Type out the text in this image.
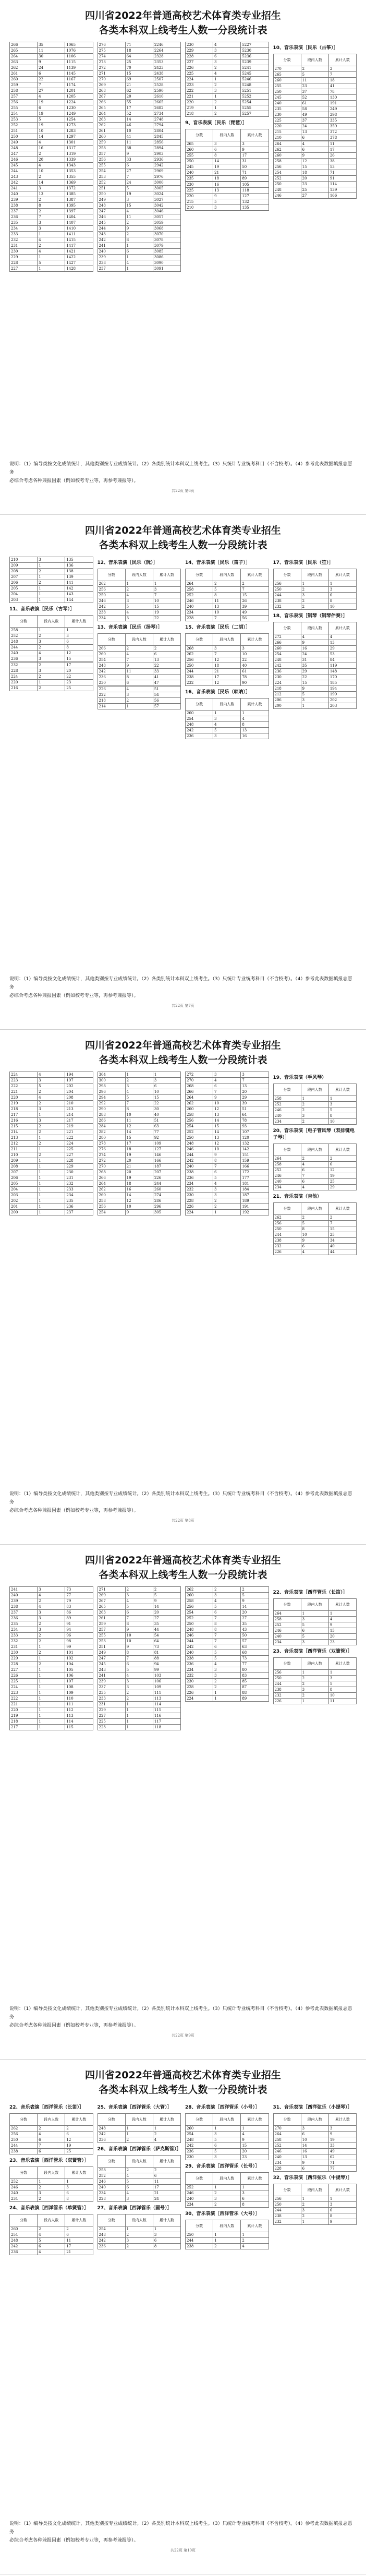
四川省2022年普通高校艺术体育类专业招生
各类本科双上线考生人数一分段统计表
266	35	1065
265	11	1076
264	30	1106
263	9	1115
262	24	1139
261	6	1145
260	22	1167
259	7	1174
258	27	1201
257	4	1205
256	19	1224
255	6	1230
254	19	1249
253	5	1254
252	19	1273
251	10	1283
250	14	1297
249	4	1301
248	16	1317
247	2	1319
246	20	1339
245	4	1343
244	10	1353
243	2	1355
242	14	1369
241	3	1372
240	13	1385
239	2	1387
238	8	1395
237	2	1397
236	7	1404
235	3	1407
234	3	1410
233	1	1411
232	4	1415
231	2	1417
230	4	1421
229	1	1422
228	5	1427
227	1	1428
276	71	2246
275	18	2264
274	64	2328
273	25	2353
272	70	2423
271	15	2438
270	69	2507
269	21	2528
268	62	2590
267	20	2610
266	55	2665
265	17	2682
264	52	2734
263	14	2748
262	46	2794
261	10	2804
260	41	2845
259	11	2856
258	38	2894
257	9	2903
256	33	2936
255	6	2942
254	27	2969
253	7	2976
252	24	3000
251	5	3005
250	19	3024
249	3	3027
248	15	3042
247	4	3046
246	11	3057
245	2	3059
244	9	3068
243	2	3070
242	8	3078
241	1	3079
240	6	3085
239	1	3086
238	4	3090
237	1	3091
230	4	5227
229	3	5230
228	6	5236
227	3	5239
226	2	5241
225	4	5245
224	1	5246
223	2	5248
222	3	5251
221	1	5252
220	2	5254
219	1	5255
218	2	5257
9、音乐表演［民乐（琵琶）］
分数	段内人数	累计人数
265	3	3
260	6	9
255	8	17
250	14	31
245	19	50
240	21	71
235	18	89
230	16	105
225	13	118
220	9	127
215	5	132
210	3	135
10、音乐表演［民乐（古筝）］
分数	段内人数	累计人数
270	2	2
265	5	7
260	11	18
255	23	41
250	37	78
245	52	130
240	61	191
235	58	249
230	49	298
225	37	335
220	24	359
215	13	372
210	6	378
264	4	11
262	6	17
260	9	26
258	12	38
256	15	53
254	18	71
252	20	91
250	23	114
248	25	139
246	27	166
说明：（1）编导类按文化成绩统计，其他类别按专业成绩统计。（2）各类别统计本科双上线考生。（3）只统计专业统考科目（不含校考）。（4）参考此表数据填报志愿务
必综合考虑各种兼报因素（例如校考专业等，再参考兼报等）。
共22页 第6页
四川省2022年普通高校艺术体育类专业招生
各类本科双上线考生人数一分段统计表
210	3	135
209	1	136
208	2	138
207	1	139
206	2	141
205	1	142
204	1	143
203	1	144
11、音乐表演［民乐（古琴）］
分数	段内人数	累计人数
258	1	1
252	2	3
248	3	6
244	2	8
240	4	12
236	3	15
232	2	17
228	3	20
224	2	22
220	1	23
216	2	25
12、音乐表演［民乐（阮）］
分数	段内人数	累计人数
262	1	1
256	2	3
250	4	7
246	3	10
242	5	15
238	4	19
234	3	22
13、音乐表演［民乐（扬琴）］
分数	段内人数	累计人数
266	2	2
260	4	6
254	7	13
248	9	22
242	11	33
236	8	41
230	6	47
226	4	51
222	3	54
218	2	56
214	1	57
14、音乐表演［民乐（笛子）］
分数	段内人数	累计人数
264	2	2
258	5	7
252	8	15
246	11	26
240	13	39
234	10	49
228	7	56
15、音乐表演［民乐（二胡）］
分数	段内人数	累计人数
268	3	3
262	7	10
256	12	22
250	18	40
244	21	61
238	17	78
232	12	90
16、音乐表演［民乐（唢呐）］
分数	段内人数	累计人数
260	1	1
254	3	4
248	4	8
242	5	13
236	3	16
17、音乐表演［民乐（笙）］
分数	段内人数	累计人数
256	1	1
250	2	3
244	3	6
238	2	8
232	2	10
18、音乐表演［钢琴（钢琴伴奏）］
分数	段内人数	累计人数
272	4	4
266	9	13
260	16	29
254	24	53
248	31	84
242	35	119
236	29	148
230	22	170
224	15	185
218	9	194
212	5	199
206	3	202
200	1	203
说明：（1）编导类按文化成绩统计，其他类别按专业成绩统计。（2）各类别统计本科双上线考生。（3）只统计专业统考科目（不含校考）。（4）参考此表数据填报志愿务
必综合考虑各种兼报因素（例如校考专业等，再参考兼报等）。
共22页 第7页
四川省2022年普通高校艺术体育类专业招生
各类本科双上线考生人数一分段统计表
224	4	194
223	3	197
222	5	202
221	2	204
220	4	208
219	2	210
218	3	213
217	1	214
216	3	217
215	2	219
214	2	221
213	1	222
212	2	224
211	1	225
210	2	227
209	1	228
208	1	229
207	1	230
206	1	231
205	1	232
204	1	233
203	1	234
202	1	235
201	1	236
200	1	237
304	1	1
300	2	3
298	3	6
296	4	10
294	5	15
292	7	22
290	8	30
288	10	40
286	11	51
284	12	63
282	14	77
280	15	92
278	17	109
276	18	127
274	19	146
272	20	166
270	21	187
268	20	207
266	19	226
264	18	244
262	16	260
260	14	274
258	12	286
256	10	296
254	9	305
272	3	3
270	4	7
268	6	13
266	7	20
264	9	29
262	10	39
260	12	51
258	13	64
256	14	78
254	15	93
252	14	107
250	13	120
248	12	132
246	10	142
244	9	151
242	8	159
240	7	166
238	6	172
236	5	177
234	4	181
232	3	184
230	3	187
228	2	189
226	2	191
224	1	192
19、音乐表演（手风琴）
分数	段内人数	累计人数
258	1	1
252	2	3
246	2	5
240	3	8
234	2	10
20、音乐表演［电子管风琴（双排键电子琴）］
分数	段内人数	累计人数
264	2	2
258	4	6
252	6	12
246	7	19
240	6	25
234	4	29
21、音乐表演（吉他）
分数	段内人数	累计人数
262	2	2
256	5	7
250	8	15
244	10	25
238	9	34
232	6	40
226	4	44
说明：（1）编导类按文化成绩统计，其他类别按专业成绩统计。（2）各类别统计本科双上线考生。（3）只统计专业统考科目（不含校考）。（4）参考此表数据填报志愿务
必综合考虑各种兼报因素（例如校考专业等，再参考兼报等）。
共22页 第8页
四川省2022年普通高校艺术体育类专业招生
各类本科双上线考生人数一分段统计表
241	3	73
240	4	77
239	2	79
238	4	83
237	3	86
236	3	89
235	2	91
234	3	94
233	2	96
232	2	98
231	1	99
230	2	101
229	1	102
228	2	104
227	1	105
226	1	106
225	1	107
224	1	108
223	1	109
222	1	110
221	1	111
220	1	112
219	1	113
218	1	114
217	1	115
271	2	2
269	3	5
267	4	9
265	5	14
263	6	20
261	7	27
259	8	35
257	9	44
255	10	54
253	10	64
251	9	73
249	8	81
247	7	88
245	6	94
243	5	99
241	4	103
239	3	106
237	3	109
235	2	111
233	2	113
231	1	114
229	1	115
227	1	116
225	1	117
223	1	118
262	2	2
260	3	5
258	4	9
256	5	14
254	6	20
252	7	27
250	8	35
248	8	43
246	7	50
244	7	57
242	6	63
240	5	68
238	5	73
236	4	77
234	3	80
232	3	83
230	2	85
228	2	87
226	1	88
224	1	89
22、音乐表演［西洋管乐（长笛）］
分数	段内人数	累计人数
264	1	1
258	3	4
252	5	9
246	6	15
240	5	20
234	3	23
23、音乐表演［西洋管乐（双簧管）］
分数	段内人数	累计人数
256	1	1
250	2	3
244	2	5
238	3	8
232	2	10
226	1	11
说明：（1）编导类按文化成绩统计，其他类别按专业成绩统计。（2）各类别统计本科双上线考生。（3）只统计专业统考科目（不含校考）。（4）参考此表数据填报志愿务
必综合考虑各种兼报因素（例如校考专业等，再参考兼报等）。
共22页 第9页
四川省2022年普通高校艺术体育类专业招生
各类本科双上线考生人数一分段统计表
22、音乐表演［西洋管乐（长笛）］
分数	段内人数	累计人数
262	2	2
256	4	6
250	6	12
244	7	19
238	6	25
23、音乐表演［西洋管乐（双簧管）］
分数	段内人数	累计人数
252	1	1
246	2	3
240	3	6
234	2	8
24、音乐表演［西洋管乐（单簧管）］
分数	段内人数	累计人数
260	2	2
254	4	6
248	5	11
242	6	17
236	4	21
25、音乐表演［西洋管乐（大管）］
分数	段内人数	累计人数
248	1	1
242	1	2
236	2	4
26、音乐表演［西洋管乐（萨克斯管）］
分数	段内人数	累计人数
258	2	2
252	4	6
246	5	11
240	6	17
234	4	21
228	3	24
27、音乐表演［西洋管乐（圆号）］
分数	段内人数	累计人数
254	1	1
248	2	3
242	3	6
236	2	8
28、音乐表演［西洋管乐（小号）］
分数	段内人数	累计人数
260	1	1
254	3	4
248	5	9
242	6	15
236	5	20
230	3	23
29、音乐表演［西洋管乐（长号）］
分数	段内人数	累计人数
252	1	1
246	2	3
240	3	6
234	2	8
30、音乐表演［西洋管乐（大号）］
分数	段内人数	累计人数
250	1	1
244	1	2
238	2	4
31、音乐表演［西洋弦乐（小提琴）］
分数	段内人数	累计人数
270	3	3
264	6	9
258	10	19
252	14	33
246	16	49
240	13	62
234	9	71
228	6	77
32、音乐表演［西洋弦乐（中提琴）］
分数	段内人数	累计人数
256	1	1
250	2	3
244	3	6
238	2	8
232	1	9
说明：（1）编导类按文化成绩统计，其他类别按专业成绩统计。（2）各类别统计本科双上线考生。（3）只统计专业统考科目（不含校考）。（4）参考此表数据填报志愿务
必综合考虑各种兼报因素（例如校考专业等，再参考兼报等）。
共22页 第10页
